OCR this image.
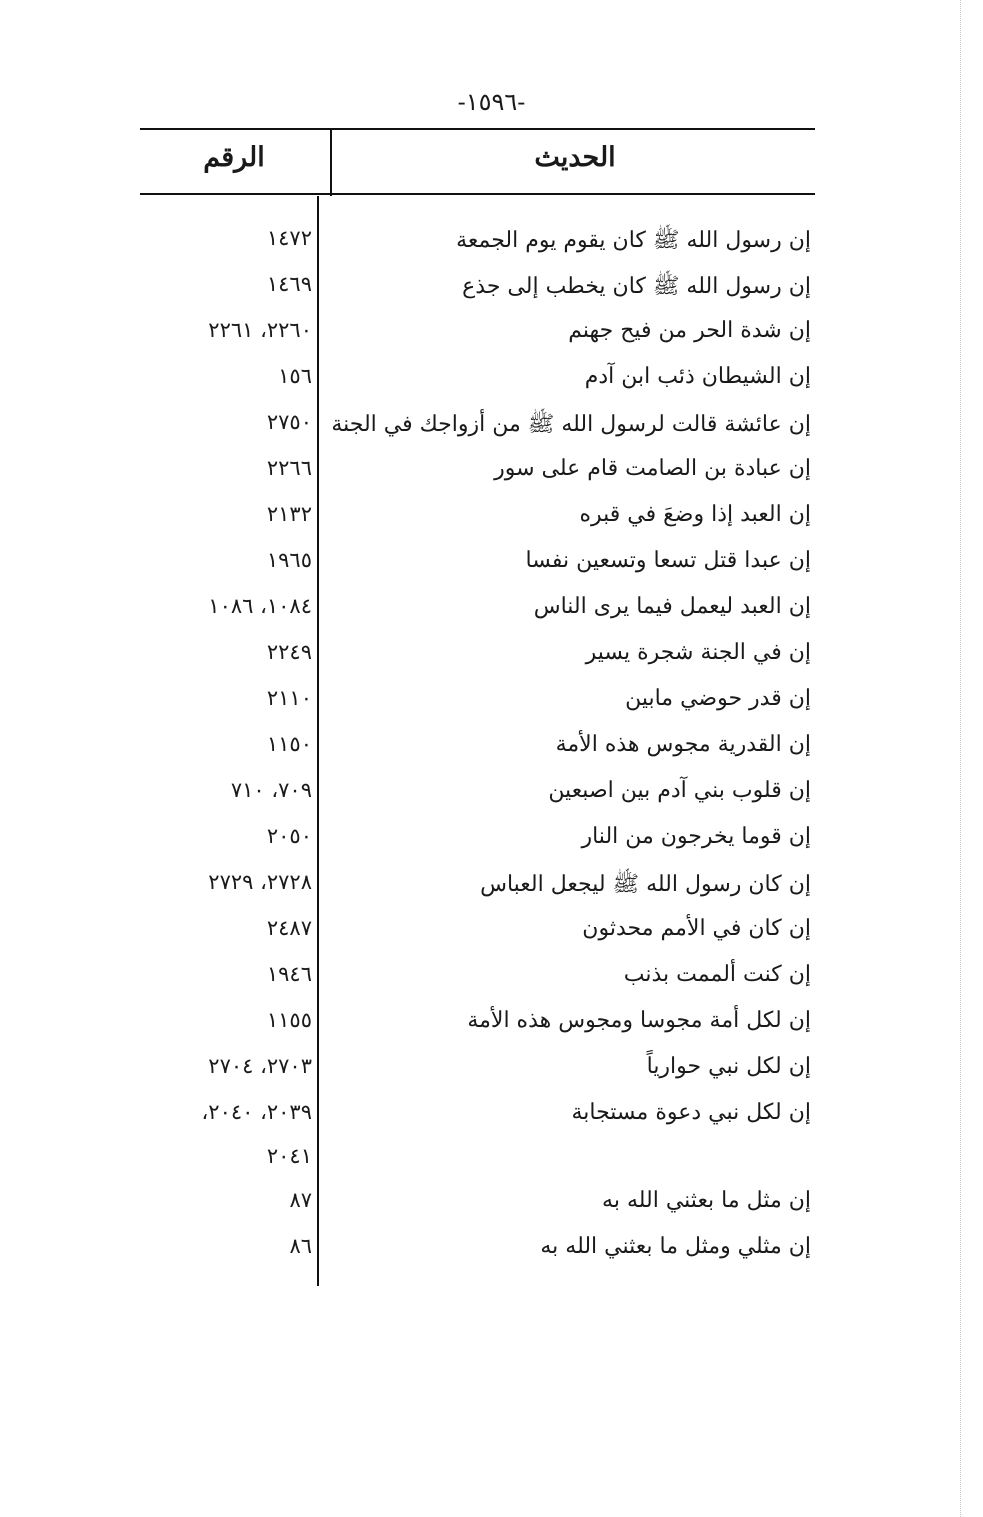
-١٥٩٦-
الحديث
الرقم
إن رسول الله ﷺ كان يقوم يوم الجمعة
١٤٧٢
إن رسول الله ﷺ كان يخطب إلى جذع
١٤٦٩
إن شدة الحر من فيح جهنم
٢٢٦٠، ٢٢٦١
إن الشيطان ذئب ابن آدم
١٥٦
إن عائشة قالت لرسول الله ﷺ من أزواجك في الجنة
٢٧٥٠
إن عبادة بن الصامت قام على سور
٢٢٦٦
إن العبد إذا وضعَ في قبره
٢١٣٢
إن عبدا قتل تسعا وتسعين نفسا
١٩٦٥
إن العبد ليعمل فيما يرى الناس
١٠٨٤، ١٠٨٦
إن في الجنة شجرة يسير
٢٢٤٩
إن قدر حوضي مابين
٢١١٠
إن القدرية مجوس هذه الأمة
١١٥٠
إن قلوب بني آدم بين اصبعين
٧٠٩، ٧١٠
إن قوما يخرجون من النار
٢٠٥٠
إن كان رسول الله ﷺ ليجعل العباس
٢٧٢٨، ٢٧٢٩
إن كان في الأمم محدثون
٢٤٨٧
إن كنت ألممت بذنب
١٩٤٦
إن لكل أمة مجوسا ومجوس هذه الأمة
١١٥٥
إن لكل نبي حوارياً
٢٧٠٣، ٢٧٠٤
إن لكل نبي دعوة مستجابة
٢٠٣٩، ٢٠٤٠،
٢٠٤١
إن مثل ما بعثني الله به
٨٧
إن مثلي ومثل ما بعثني الله به
٨٦
